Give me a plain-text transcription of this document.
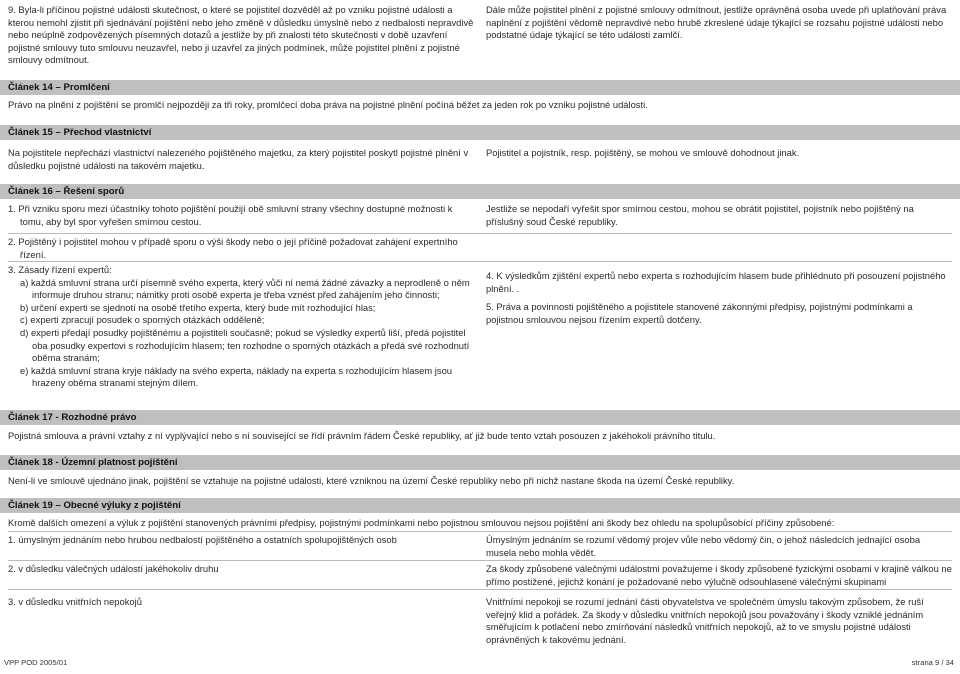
9. Byla-li příčinou pojistné události skutečnost, o které se pojistitel dozvěděl až po vzniku pojistné události a kterou nemohl zjistit při sjednávání pojištění nebo jeho změně v důsledku úmyslně nebo z nedbalosti nepravdivě nebo neúplně zodpovězených písemných dotazů a jestliže by při znalosti této skutečnosti v době uzavření pojistné smlouvy tuto smlouvu neuzavřel, nebo ji uzavřel za jiných podmínek, může pojistitel plnění z pojistné smlouvy odmítnout.
Dále může pojistitel plnění z pojistné smlouvy odmítnout, jestliže oprávněná osoba uvede při uplatňování práva naplnění z pojištění vědomě nepravdivé nebo hrubě zkreslené údaje týkající se rozsahu pojistné události nebo podstatné údaje týkající se této události zamlčí.
Článek 14 – Promlčení
Právo na plnění z pojištění se promlčí nejpozději za tři roky, promlčecí doba práva na pojistné plnění počíná běžet za jeden rok po vzniku pojistné události.
Článek 15 – Přechod vlastnictví
Na pojistitele nepřechází vlastnictví nalezeného pojištěného majetku, za který pojistitel poskytl pojistné plnění v důsledku pojistné události na takovém majetku.
Pojistitel a pojistník, resp. pojištěný, se mohou ve smlouvě dohodnout jinak.
Článek 16 – Řešení sporů
1. Při vzniku sporu mezi účastníky tohoto pojištění použijí obě smluvní strany všechny dostupné možnosti k tomu, aby byl spor vyřešen smírnou cestou.
Jestliže se nepodaří vyřešit spor smírnou cestou, mohou se obrátit pojistitel, pojistník nebo pojištěný na příslušný soud České republiky.
2. Pojištěný i pojistitel mohou v případě sporu o výši škody nebo o její příčině požadovat zahájení expertního řízení.
3. Zásady řízení expertů:
a) každá smluvní strana určí písemně svého experta, který vůči ní nemá žádné závazky a neprodleně o něm informuje druhou stranu; námitky proti osobě experta je třeba vznést před zahájením jeho činnosti;
b) určení experti se sjednotí na osobě třetího experta, který bude mít rozhodující hlas;
c) experti zpracují posudek o sporných otázkách odděleně;
d) experti předají posudky pojištěnému a pojistiteli současně; pokud se výsledky expertů liší, předá pojistitel oba posudky expertovi s rozhodujícím hlasem; ten rozhodne o sporných otázkách a předá své rozhodnutí oběma stranám;
e) každá smluvní strana kryje náklady na svého experta, náklady na experta s rozhodujícím hlasem jsou hrazeny oběma stranami stejným dílem.
4. K výsledkům zjištění expertů nebo experta s rozhodujícím hlasem bude přihlédnuto při posouzení pojistného plnění. .
5. Práva a povinnosti pojištěného a pojistitele stanovené zákonnými předpisy, pojistnými podmínkami a pojistnou smlouvou nejsou řízením expertů dotčeny.
Článek 17 - Rozhodné právo
Pojistná smlouva a právní vztahy z ní vyplývající nebo s ní související se řídí právním řádem České republiky, ať již bude tento vztah posouzen z jakéhokoli právního titulu.
Článek 18 - Územní platnost pojištění
Není-li ve smlouvě ujednáno jinak, pojištění se vztahuje na pojistné události, které vzniknou na území České republiky nebo při nichž nastane škoda na území České republiky.
Článek 19 – Obecné výluky z pojištění
Kromě dalších omezení a výluk z pojištění stanovených právními předpisy, pojistnými podmínkami nebo pojistnou smlouvou nejsou pojištění ani škody bez ohledu na spolupůsobící příčiny způsobené:
1. úmyslným jednáním nebo hrubou nedbalostí pojištěného a ostatních spolupojištěných osob	Úmyslným jednáním se rozumí vědomý projev vůle nebo vědomý čin, o jehož následcích jednající osoba musela nebo mohla vědět.
2. v důsledku válečných událostí jakéhokoliv druhu	Za škody způsobené válečnými událostmi považujeme i škody způsobené fyzickými osobami v krajině válkou ne přímo postižené, jejichž konání je požadované nebo výlučně odsouhlasené válečnými skupinami
3. v důsledku vnitřních nepokojů	Vnitřními nepokoji se rozumí jednání části obyvatelstva ve společném úmyslu takovým způsobem, že ruší veřejný klid a pořádek. Za škody v důsledku vnitřních nepokojů jsou považovány i škody vzniklé jednáním směřujícím k potlačení nebo zmírňování následků vnitřních nepokojů, až to ve smyslu pojistné události oprávněných k takovému jednání.
VPP POD 2005/01	strana 9 / 34
